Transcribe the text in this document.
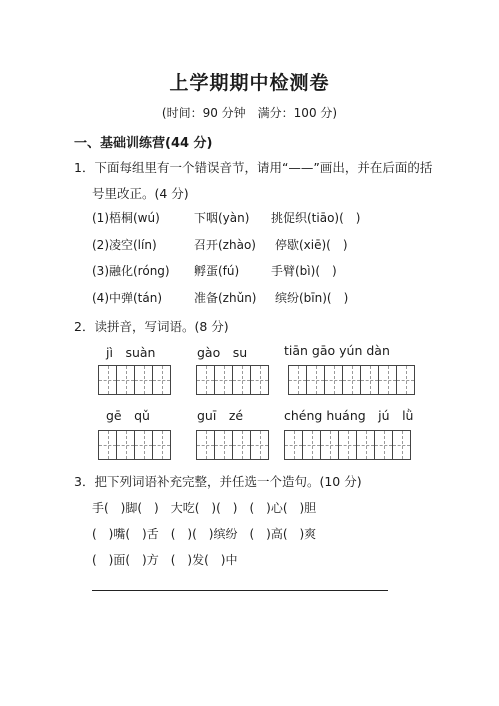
上学期期中检测卷
(时间：90 分钟　满分：100 分)
一、基础训练营(44 分)
1．下面每组里有一个错误音节，请用“——”画出，并在后面的括
号里改正。(4 分)
(1)梧桐(wú)	下咽(yàn) 挑促织(tiāo)(　)
(2)凌空(lín)	召开(zhào) 停歇(xiē)(　)
(3)融化(róng) 孵蛋(fú)	手臂(bì)(　)
(4)中弹(tán)	准备(zhǔn) 缤纷(bīn)(　)
2．读拼音，写词语。(8 分)
jì　suàn	gào　su	tiān gāo yún dàn
gē　qǔ	guī　zé	chéng huáng　jú　lǜ
3．把下列词语补充完整，并任选一个造句。(10 分)
手(　)脚(　)　大吃(　)(　)　(　)心(　)胆
(　)嘴(　)舌　(　)(　)缤纷　(　)高(　)爽
(　)面(　)方　(　)发(　)中
